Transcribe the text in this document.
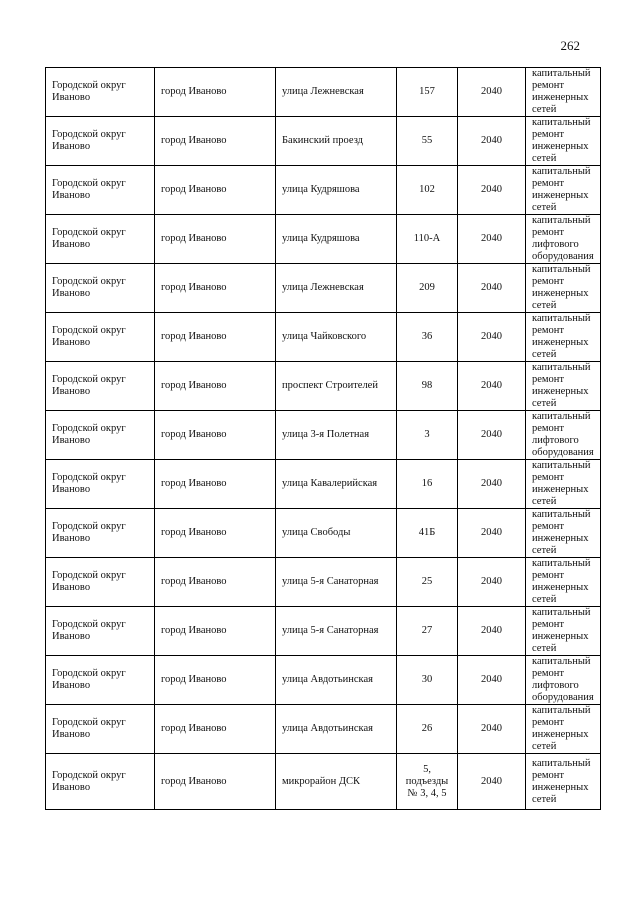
262
Городской округ Иваново	город Иваново	улица Лежневская	157	2040	капитальный
ремонт
инженерных
сетей
Городской округ Иваново	город Иваново	Бакинский проезд	55	2040	капитальный
ремонт
инженерных
сетей
Городской округ Иваново	город Иваново	улица Кудряшова	102	2040	капитальный
ремонт
инженерных
сетей
Городской округ Иваново	город Иваново	улица Кудряшова	110-А	2040	капитальный
ремонт
лифтового
оборудования
Городской округ Иваново	город Иваново	улица Лежневская	209	2040	капитальный
ремонт
инженерных
сетей
Городской округ Иваново	город Иваново	улица Чайковского	36	2040	капитальный
ремонт
инженерных
сетей
Городской округ Иваново	город Иваново	проспект Строителей	98	2040	капитальный
ремонт
инженерных
сетей
Городской округ Иваново	город Иваново	улица 3-я Полетная	3	2040	капитальный
ремонт
лифтового
оборудования
Городской округ Иваново	город Иваново	улица Кавалерийская	16	2040	капитальный
ремонт
инженерных
сетей
Городской округ Иваново	город Иваново	улица Свободы	41Б	2040	капитальный
ремонт
инженерных
сетей
Городской округ Иваново	город Иваново	улица 5-я Санаторная	25	2040	капитальный
ремонт
инженерных
сетей
Городской округ Иваново	город Иваново	улица 5-я Санаторная	27	2040	капитальный
ремонт
инженерных
сетей
Городской округ Иваново	город Иваново	улица Авдотьинская	30	2040	капитальный
ремонт
лифтового
оборудования
Городской округ Иваново	город Иваново	улица Авдотьинская	26	2040	капитальный
ремонт
инженерных
сетей
Городской округ Иваново	город Иваново	микрорайон ДСК	5,
подъезды
№ 3, 4, 5	2040	капитальный
ремонт
инженерных
сетей
